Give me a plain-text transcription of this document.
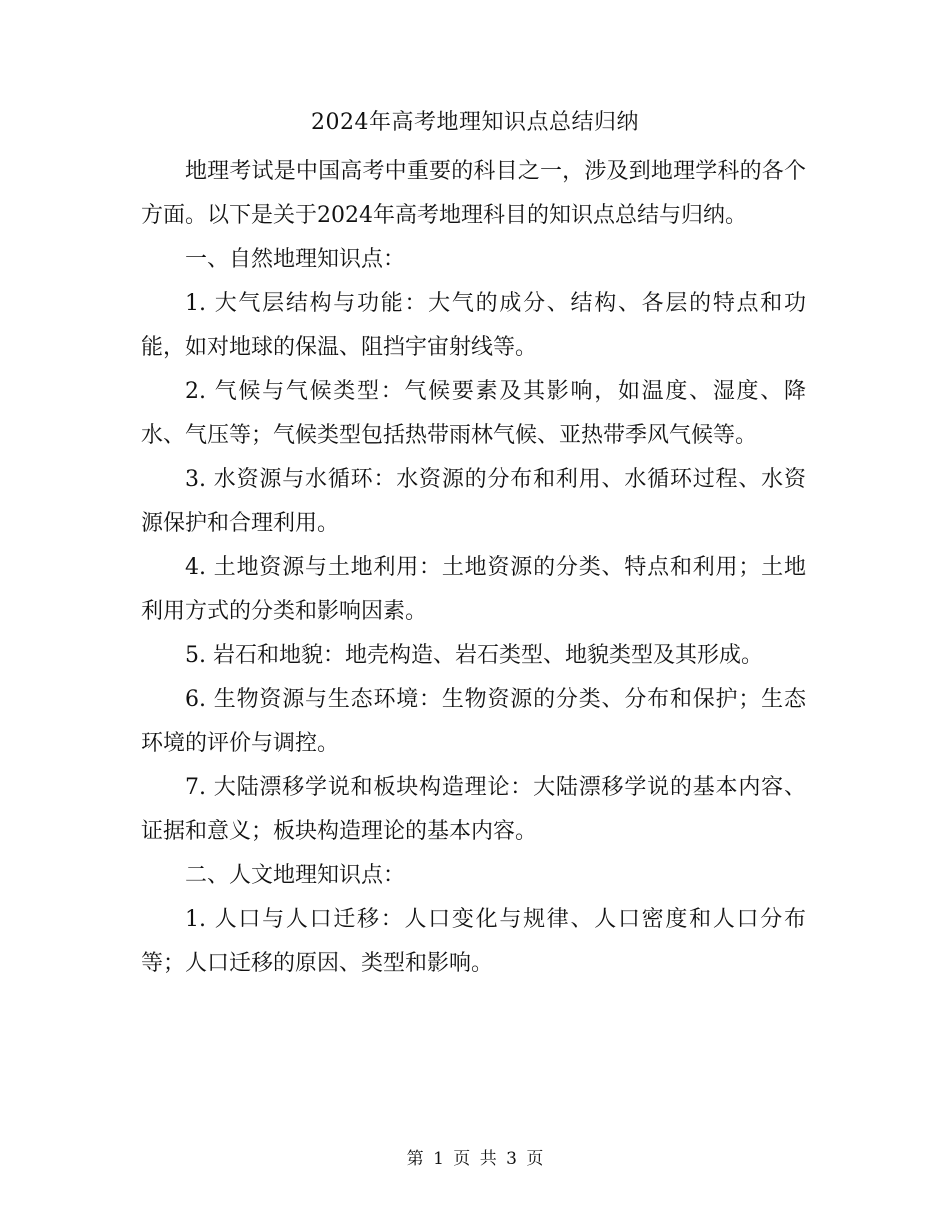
2024年高考地理知识点总结归纳

地理考试是中国高考中重要的科目之一，涉及到地理学科的各个方面。以下是关于2024年高考地理科目的知识点总结与归纳。

一、自然地理知识点：

1. 大气层结构与功能：大气的成分、结构、各层的特点和功能，如对地球的保温、阻挡宇宙射线等。

2. 气候与气候类型：气候要素及其影响，如温度、湿度、降水、气压等；气候类型包括热带雨林气候、亚热带季风气候等。

3. 水资源与水循环：水资源的分布和利用、水循环过程、水资源保护和合理利用。

4. 土地资源与土地利用：土地资源的分类、特点和利用；土地利用方式的分类和影响因素。

5. 岩石和地貌：地壳构造、岩石类型、地貌类型及其形成。

6. 生物资源与生态环境：生物资源的分类、分布和保护；生态环境的评价与调控。

7. 大陆漂移学说和板块构造理论：大陆漂移学说的基本内容、证据和意义；板块构造理论的基本内容。

二、人文地理知识点：

1. 人口与人口迁移：人口变化与规律、人口密度和人口分布等；人口迁移的原因、类型和影响。

第 1 页 共 3 页
